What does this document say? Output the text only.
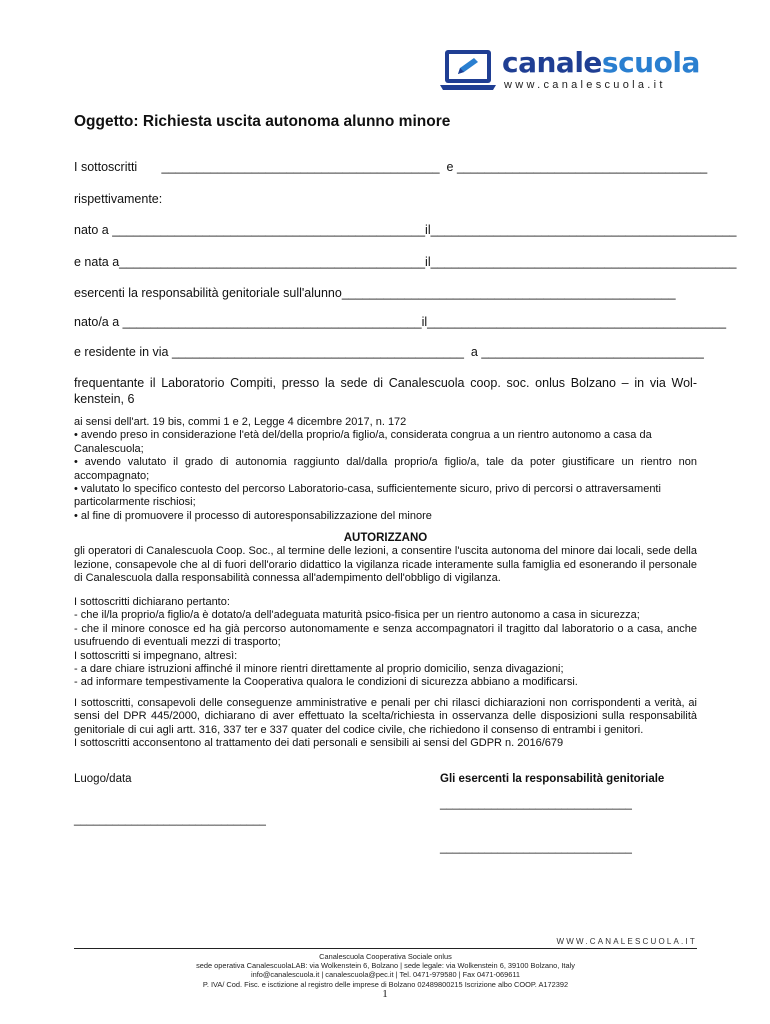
canalescuola
www.canalescuola.it
Oggetto: Richiesta uscita autonoma alunno minore
I sottoscritti       ________________________________________  e ____________________________________
rispettivamente:
nato a _____________________________________________il____________________________________________
e nata a____________________________________________il____________________________________________
esercenti la responsabilità genitoriale sull'alunno________________________________________________
nato/a a ___________________________________________il___________________________________________
e residente in via __________________________________________  a ________________________________
frequentante il Laboratorio Compiti, presso la sede di Canalescuola coop. soc. onlus Bolzano – in via Wol-kenstein, 6

ai sensi dell'art. 19 bis, commi 1 e 2, Legge 4 dicembre 2017, n. 172

• avendo preso in considerazione l'età del/della proprio/a figlio/a, considerata congrua a un rientro autonomo a casa da Canalescuola;

• avendo valutato il grado di autonomia raggiunto dal/dalla proprio/a figlio/a, tale da poter giustificare un rientro non accompagnato;

• valutato lo specifico contesto del percorso Laboratorio-casa, sufficientemente sicuro, privo di percorsi o attraversamenti particolarmente rischiosi;

• al fine di promuovere il processo di autoresponsabilizzazione del minore

AUTORIZZANO

gli operatori di Canalescuola Coop. Soc., al termine delle lezioni, a consentire l'uscita autonoma del minore dai locali, sede della lezione, consapevole che al di fuori dell'orario didattico la vigilanza ricade interamente sulla famiglia ed esonerando il personale di Canalescuola dalla responsabilità connessa all'adempimento dell'obbligo di vigilanza.

I sottoscritti dichiarano pertanto:

- che il/la proprio/a figlio/a è dotato/a dell'adeguata maturità psico-fisica per un rientro autonomo a casa in sicurezza;

- che il minore conosce ed ha già percorso autonomamente e senza accompagnatori il tragitto dal laboratorio o a casa, anche usufruendo di eventuali mezzi di trasporto;

I sottoscritti si impegnano, altresì:

- a dare chiare istruzioni affinché il minore rientri direttamente al proprio domicilio, senza divagazioni;

- ad informare tempestivamente la Cooperativa qualora le condizioni di sicurezza abbiano a modificarsi.

I sottoscritti, consapevoli delle conseguenze amministrative e penali per chi rilasci dichiarazioni non corrispondenti a verità, ai sensi del DPR 445/2000, dichiarano di aver effettuato la scelta/richiesta in osservanza delle disposizioni sulla responsabilità genitoriale di cui agli artt. 316, 337 ter e 337 quater del codice civile, che richiedono il consenso di entrambi i genitori.

I sottoscritti acconsentono al trattamento dei dati personali e sensibili ai sensi del GDPR n. 2016/679

Luogo/data	Gli esercenti la responsabilità genitoriale
______________________________
______________________________
______________________________
WWW.CANALESCUOLA.IT
Canalescuola Cooperativa Sociale onlus
sede operativa CanalescuolaLAB: via Wolkenstein 6, Bolzano | sede legale: via Wolkenstein 6, 39100 Bolzano, Italy
info@canalescuola.it | canalescuola@pec.it | Tel. 0471-979580 | Fax 0471-069611
P. IVA/ Cod. Fisc. e isctizione al registro delle imprese di Bolzano 02489800215 Iscrizione albo COOP. A172392
1
